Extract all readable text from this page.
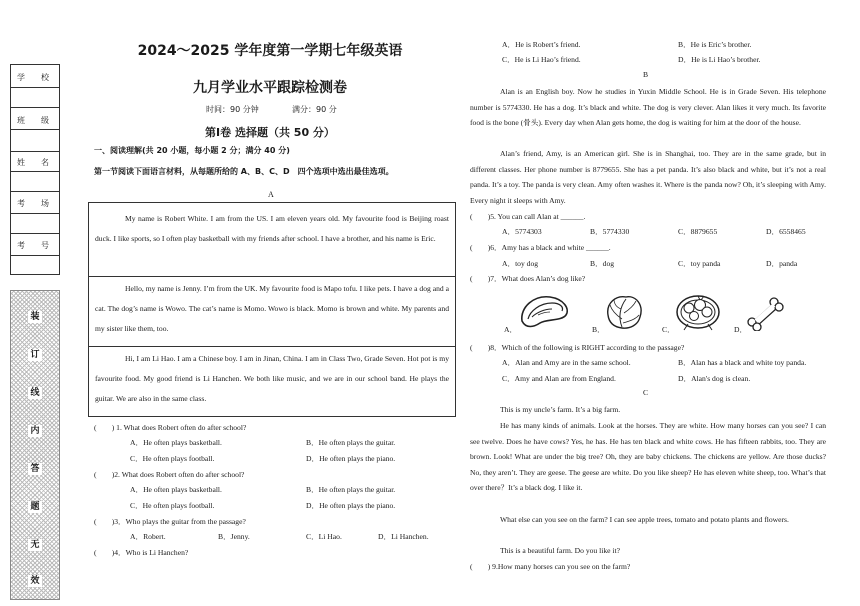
学　校
班　级
姓　名
考　场
考　号
装
订
线
内
答
题
无
效
2024～2025 学年度第一学期七年级英语
九月学业水平跟踪检测卷
时间：90 分钟	满分：90 分
第Ⅰ卷 选择题（共 50 分）
一、阅读理解(共 20 小题，每小题 2 分；满分 40 分)
第一节阅读下面语言材料，从每题所给的 A、B、C、D　四个选项中选出最佳选项。
A
My name is Robert White. I am from the US. I am eleven years old. My favourite food is Beijing roast duck. I like sports, so I often play basketball with my friends after school. I have a brother, and his name is Eric.
Hello, my name is Jenny. I’m from the UK. My favourite food is Mapo tofu. I like pets. I have a dog and a cat. The dog’s name is Wowo. The cat’s name is Momo. Wowo is black. Momo is brown and white. My parents and my sister like them, too.
Hi, I am Li Hao. I am a Chinese boy. I am in Jinan, China. I am in Class Two, Grade Seven. Hot pot is my favourite food. My good friend is Li Hanchen. We both like music, and we are in our school band. He plays the guitar. We are also in the same class.
(　　) 1. What does Robert often do after school?
A．He often plays basketball.	B．He often plays the guitar.
C．He often plays football.	D．He often plays the piano.
(　　)2. What does Robert often do after school?
A．He often plays basketball.	B．He often plays the guitar.
C．He often plays football.	D．He often plays the piano.
(　　)3．Who plays the guitar from the passage?
A．Robert.	B．Jenny.	C．Li Hao.	D．Li Hanchen.
(　　)4．Who is Li Hanchen?
A．He is Robert’s friend.	B．He is Eric’s brother.
C．He is Li Hao’s friend.	D．He is Li Hao’s brother.
B
Alan is an English boy. Now he studies in Yuxin Middle School. He is in Grade Seven. His telephone number is 5774330. He has a dog. It’s black and white. The dog is very clever. Alan likes it very much. Its favorite food is the bone (骨头). Every day when Alan gets home, the dog is waiting for him at the door of the house.
Alan’s friend, Amy, is an American girl. She is in Shanghai, too. They are in the same grade, but in different classes. Her phone number is 8779655. She has a pet panda. It’s also black and white, but it’s not a real panda. It’s a toy. The panda is very clean. Amy often washes it. Where is the panda now? Oh, it’s sleeping with Amy. Every night it sleeps with Amy.
(　　)5. You can call Alan at ______.
A．5774303	B．5774330	C．8879655	D．6558465
(　　)6．Amy has a black and white ______.
A．toy dog	B．dog	C．toy panda	D．panda
(　　)7．What does Alan’s dog like?
A．	B．	C．	D．
(　　)8．Which of the following is RIGHT according to the passage?
A．Alan and Amy are in the same school.	B．Alan has a black and white toy panda.
C．Amy and Alan are from England.	D．Alan's dog is clean.
C
This is my uncle’s farm. It’s a big farm.
He has many kinds of animals. Look at the horses. They are white. How many horses can you see? I can see twelve. Does he have cows? Yes, he has. He has ten black and white cows. He has fifteen rabbits, too. They are brown. Look! What are under the big tree? Oh, they are baby chickens. The chickens are yellow. Are those ducks? No, they aren’t. They are geese. The geese are white. Do you like sheep? He has eleven white sheep, too. What’s that over there？It’s a black dog. I like it.
What else can you see on the farm? I can see apple trees, tomato and potato plants and flowers.
This is a beautiful farm. Do you like it?
(　　) 9.How many horses can you see on the farm?
